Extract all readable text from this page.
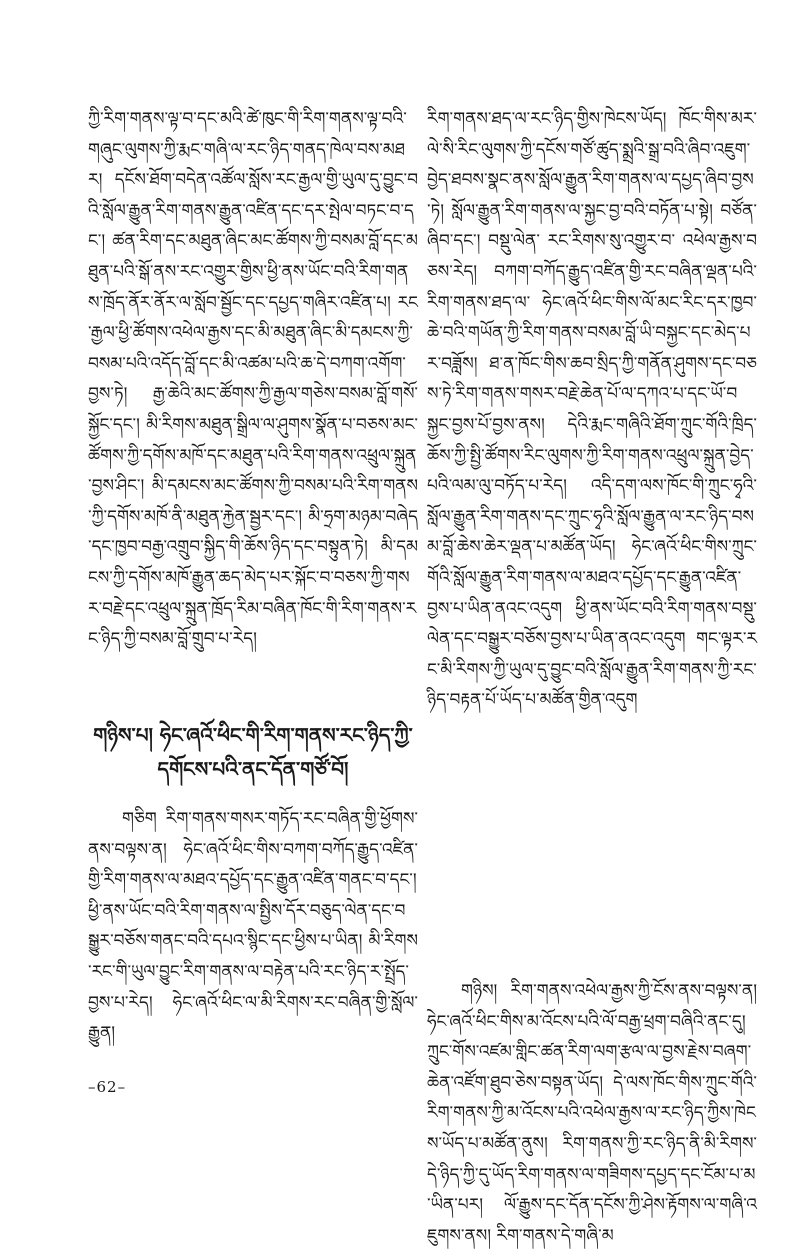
ཀྱི་རིག་གནས་ལྟ་བ་དང་མའི་ཚེ་ཁུང་གི་རིག་གནས་ལྟ་བའི་གཞུང་ལུགས་ཀྱི་རྨང་གཞི་ལ་རང་ཉིད་གནད་ཁེལ་བས་མཐར། དངོས་ཐོག་བདེན་འཚོལ་སློས་རང་རྒྱལ་གྱི་ཡུལ་དུ་བྱུང་བའི་སློལ་རྒྱུན་རིག་གནས་རྒྱུན་འཛིན་དང་དར་སྤེལ་བཏང་བ་དང་། ཚན་རིག་དང་མཐུན་ཞིང་མང་ཚོགས་ཀྱི་བསམ་བློ་དང་མཐུན་པའི་སྒོ་ནས་རང་འགྱུར་གྱིས་ཕྱི་ནས་ཡོང་བའི་རིག་གནས་ཁྲོད་ནོར་ནོར་ལ་སློབ་སྦྱོང་དང་དཔྱད་གཞིར་འཛིན་པ། རང་རྒྱལ་ཕྱི་ཚོགས་འཕེལ་རྒྱས་དང་མི་མཐུན་ཞིང་མི་དམངས་ཀྱི་བསམ་པའི་འདོད་བློ་དང་མི་འཚམ་པའི་ཆ་དེ་བཀག་འགོག་བྱས་ཏེ། རྒྱ་ཆེའི་མང་ཚོགས་ཀྱི་རྒྱལ་གཅེས་བསམ་བློ་གསོ་སྐྱོང་དང་། མི་རིགས་མཐུན་སྒྲིལ་ལ་ཤུགས་སྣོན་པ་བཅས་མང་ཚོགས་ཀྱི་དགོས་མཁོ་དང་མཐུན་པའི་རིག་གནས་འཕྲུལ་སྐྲུན་བྱས་ཤིང་། མི་དམངས་མང་ཚོགས་ཀྱི་བསམ་པའི་རིག་གནས་ཀྱི་དགོས་མཁོ་ནི་མཐུན་རྐྱེན་སྦྱར་དང་། མི་ཧྲག་མཉམ་བཞེད་དང་ཁྱབ་བརྒྱ་འགྲུབ་སྐྱིད་གི་ཆོས་ཉིད་དང་བསྟུན་ཏེ། མི་དམངས་ཀྱི་དགོས་མཁོ་རྒྱུན་ཆད་མེད་པར་སྐོང་བ་བཅས་ཀྱི་གསར་བརྗེ་དང་འཕྲུལ་སྐྲུན་ཁྲོད་རིམ་བཞིན་ཁོང་གི་རིག་གནས་རང་ཉིད་ཀྱི་བསམ་བློ་གྲུབ་པ་རེད།

གཉིས་པ། ཧེང་ཞའོ་ཕིང་གི་རིག་གནས་རང་ཉིད་ཀྱི་དགོངས་པའི་ནང་དོན་གཙོ་བོ།

གཅིག རིག་གནས་གསར་གཏོད་རང་བཞིན་གྱི་ཕྱོགས་ནས་བལྟས་ན། ཧེང་ཞའོ་ཕིང་གིས་བཀག་བཀོད་རྒྱུད་འཛིན་གྱི་རིག་གནས་ལ་མཐའ་དཔྱོད་དང་རྒྱུན་འཛིན་གནང་བ་དང་། ཕྱི་ནས་ཡོང་བའི་རིག་གནས་ལ་སྤྱིས་དོར་བཅུད་ལེན་དང་བསྒྱུར་བཅོས་གནང་བའི་དཔའ་སྙིང་དང་ཕྱིས་པ་ཡིན། མི་རིགས་རང་གི་ཡུལ་བྱུང་རིག་གནས་ལ་བརྟེན་པའི་རང་ཉིད་ར་སྤྲོད་བྱས་པ་རེད། ཧེང་ཞའོ་ཕིང་ལ་མི་རིགས་རང་བཞིན་གྱི་སློལ་རྒྱུན།

རིག་གནས་ཐད་ལ་རང་ཉིད་གྱིས་ཁེངས་ཡོད། ཁོང་གིས་མར་ལེ་སི་རིང་ལུགས་ཀྱི་དངོས་གཙོ་ཚུད་སྨྲའི་སྒྲ་བའི་ཞིབ་འཇུག་བྱེད་ཐབས་སྣང་ནས་སློལ་རྒྱུན་རིག་གནས་ལ་དཔྱད་ཞིབ་བྱས་ཏེ། སློལ་རྒྱུན་རིག་གནས་ལ་སྐྱང་བྱ་བའི་བཏོན་པ་སྟེ། བཙོན་ཞིབ་དང་། བསྡུ་ལེན་ རང་རིགས་སུ་འགྱུར་བ་ འཕེལ་རྒྱས་བཅས་རེད། བཀག་བཀོད་རྒྱུད་འཛིན་གྱི་རང་བཞིན་ལྡན་པའི་རིག་གནས་ཐད་ལ་ ཧེང་ཞའོ་ཕིང་གིས་ལོ་མང་རིང་དར་ཁྱབ་ཆེ་བའི་གཡོན་ཀྱི་རིག་གནས་བསམ་བློ་ཡི་བསྐྱང་དང་མེད་པར་བཟློས། ཐ་ན་ཁོང་གིས་ཆབ་སྲིད་ཀྱི་གནོན་ཤུགས་དང་བཅས་ཏེ་རིག་གནས་གསར་བརྗེ་ཆེན་པོ་ལ་དཀའ་པ་དང་ཡོ་བསྐྱང་བྱས་པོ་བྱས་ནས། དེའི་རྨང་གཞིའི་ཐོག་ཀྲུང་གོའི་ཁྲིད་ཆོས་ཀྱི་སྤྱི་ཚོགས་རིང་ལུགས་ཀྱི་རིག་གནས་འཕྲུལ་སྐྲུན་བྱེད་པའི་ལམ་ལུ་བཏོད་པ་རེད། འདི་དག་ལས་ཁོང་གི་ཀྲུང་ཧྭའི་སློལ་རྒྱུན་རིག་གནས་དང་ཀྲུང་ཧྭའི་སློལ་རྒྱུན་ལ་རང་ཉིད་བསམ་བློ་ཆེས་ཆེར་ལྡན་པ་མཚོན་ཡོད། ཧེང་ཞའོ་ཕིང་གིས་ཀྲུང་གོའི་སློལ་རྒྱུན་རིག་གནས་ལ་མཐའ་དཔྱོད་དང་རྒྱུན་འཛིན་བྱས་པ་ཡིན་ནའང་འདུག ཕྱི་ནས་ཡོང་བའི་རིག་གནས་བསྡུ་ལེན་དང་བསྒྱུར་བཅོས་བྱས་པ་ཡིན་ནའང་འདུག གང་ལྟར་རང་མི་རིགས་ཀྱི་ཡུལ་དུ་བྱུང་བའི་སློལ་རྒྱུན་རིག་གནས་ཀྱི་རང་ཉིད་བརྟན་པོ་ཡོད་པ་མཚོན་གྱིན་འདུག

གཉིས། རིག་གནས་འཕེལ་རྒྱས་ཀྱི་ངོས་ནས་བལྟས་ན། ཧེང་ཞའོ་ཕིང་གིས་མ་འོངས་པའི་ལོ་བརྒྱ་ཕྲག་བཞིའི་ནང་དུ། ཀྲུང་གོས་འཛམ་གླིང་ཚན་རིག་ལག་རྩལ་ལ་བྱས་རྗེས་བཞག་ཆེན་འཛོག་ཐུབ་ཅེས་བསྟན་ཡོད། དེ་ལས་ཁོང་གིས་ཀྲུང་གོའི་རིག་གནས་ཀྱི་མ་འོངས་པའི་འཕེལ་རྒྱས་ལ་རང་ཉིད་ཀྱིས་ཁེངས་ཡོད་པ་མཚོན་ནུས། རིག་གནས་ཀྱི་རང་ཉིད་ནི་མི་རིགས་དེ་ཉིད་ཀྱི་དུ་ཡོད་རིག་གནས་ལ་གཟིགས་དཔྱད་དང་ངོམ་པ་མ་ཡིན་པར། ལོ་རྒྱུས་དང་དོན་དངོས་ཀྱི་ཤེས་རྟོགས་ལ་གཞི་འཇུགས་ནས། རིག་གནས་དེ་གཞི་མ

–62–
